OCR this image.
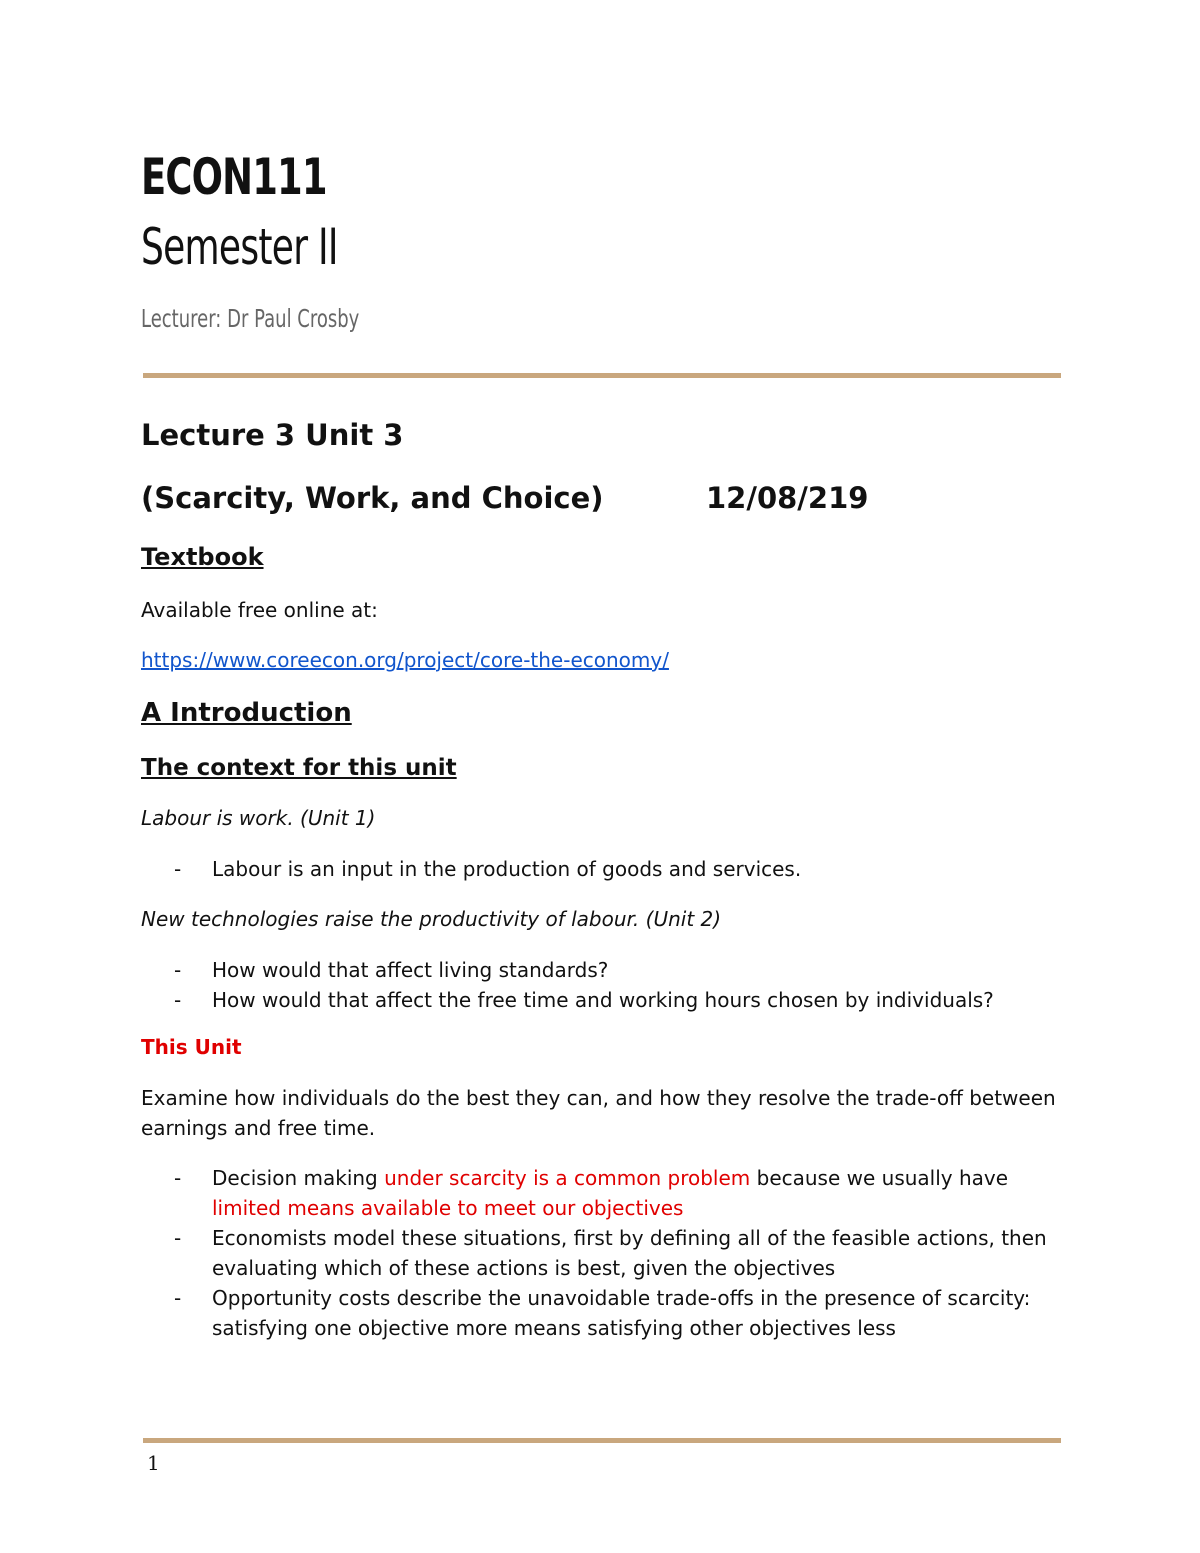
ECON111
Semester II
Lecturer: Dr Paul Crosby
Lecture 3 Unit 3
(Scarcity, Work, and Choice)	12/08/219
Textbook
Available free online at:
https://www.coreecon.org/project/core-the-economy/
A Introduction
The context for this unit
Labour is work. (Unit 1)
- Labour is an input in the production of goods and services.
New technologies raise the productivity of labour. (Unit 2)
- How would that affect living standards?
- How would that affect the free time and working hours chosen by individuals?
This Unit
Examine how individuals do the best they can, and how they resolve the trade-off between earnings and free time.
- Decision making under scarcity is a common problem because we usually have limited means available to meet our objectives
- Economists model these situations, first by defining all of the feasible actions, then evaluating which of these actions is best, given the objectives
- Opportunity costs describe the unavoidable trade-offs in the presence of scarcity: satisfying one objective more means satisfying other objectives less
1
